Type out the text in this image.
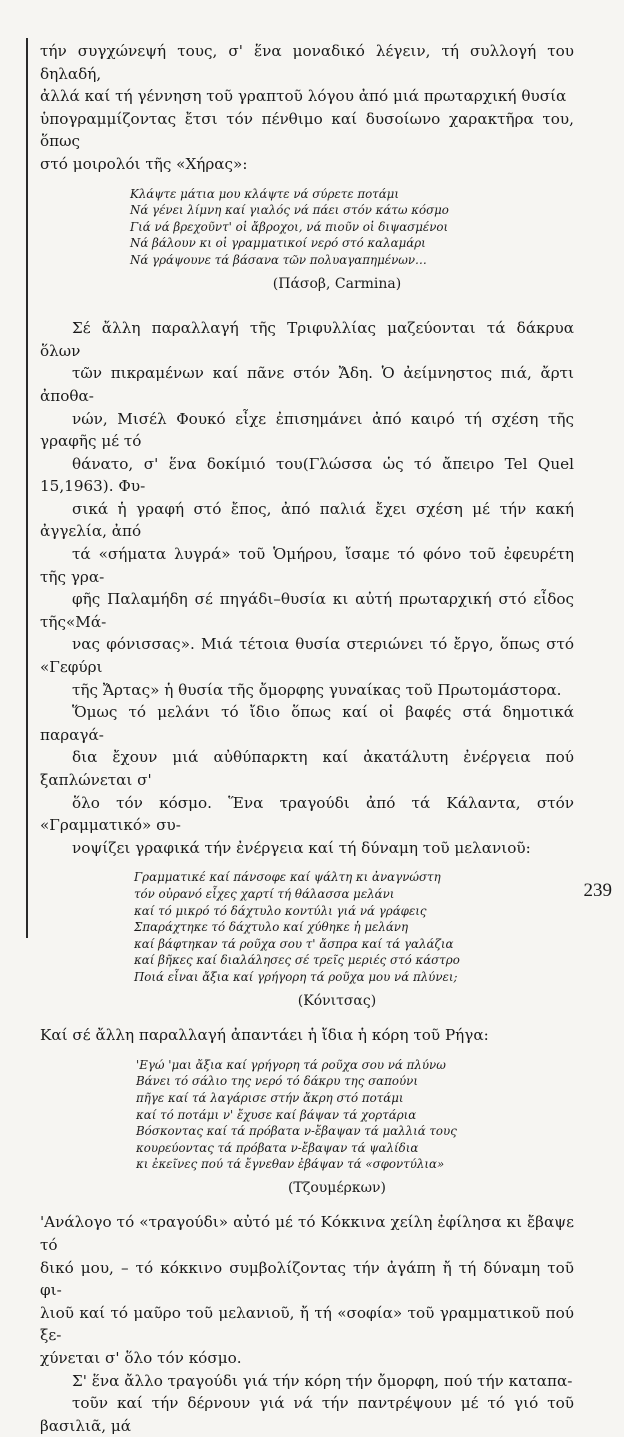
τήν συγχώνεψή τους, σ' ἕνα μοναδικό λέγειν, τή συλλογή του δηλαδή,
ἀλλά καί τή γέννηση τοῦ γραπτοῦ λόγου ἀπό μιά πρωταρχική θυσία
ὑπογραμμίζοντας ἔτσι τόν πένθιμο καί δυσοίωνο χαρακτῆρα του, ὅπως
στό μοιρολόι τῆς «Χήρας»:

Κλάψτε μάτια μου κλάψτε νά σύρετε ποτάμι
Νά γένει λίμνη καί γιαλός νά πάει στόν κάτω κόσμο
Γιά νά βρεχοῦντ' οἱ ἄβροχοι, νά πιοῦν οἱ διψασμένοι
Νά βάλουν κι οἱ γραμματικοί νερό στό καλαμάρι
Νά γράψουνε τά βάσανα τῶν πολυαγαπημένων…
(Πάσοβ, Carmina)

Σέ ἄλλη παραλλαγή τῆς Τριφυλλίας μαζεύονται τά δάκρυα ὅλων
τῶν πικραμένων καί πᾶνε στόν Ἄδη. Ὁ ἀείμνηστος πιά, ἄρτι ἀποθα-
νών, Μισέλ Φουκό εἶχε ἐπισημάνει ἀπό καιρό τή σχέση τῆς γραφῆς μέ τό
θάνατο, σ' ἕνα δοκίμιό του(Γλώσσα ὡς τό ἄπειρο Tel Quel 15,1963). Φυ-
σικά ἡ γραφή στό ἔπος, ἀπό παλιά ἔχει σχέση μέ τήν κακή ἀγγελία, ἀπό
τά «σήματα λυγρά» τοῦ Ὁμήρου, ἴσαμε τό φόνο τοῦ ἐφευρέτη τῆς γρα-
φῆς Παλαμήδη σέ πηγάδι–θυσία κι αὐτή πρωταρχική στό εἶδος τῆς«Μά-
νας φόνισσας». Μιά τέτοια θυσία στεριώνει τό ἔργο, ὅπως στό «Γεφύρι
τῆς Ἄρτας» ἡ θυσία τῆς ὄμορφης γυναίκας τοῦ Πρωτομάστορα.

Ὅμως τό μελάνι τό ἴδιο ὅπως καί οἱ βαφές στά δημοτικά παραγά-
δια ἔχουν μιά αὐθύπαρκτη καί ἀκατάλυτη ἐνέργεια πού ξαπλώνεται σ'
ὅλο τόν κόσμο. Ἕνα τραγούδι ἀπό τά Κάλαντα, στόν «Γραμματικό» συ-
νοψίζει γραφικά τήν ἐνέργεια καί τή δύναμη τοῦ μελανιοῦ:

Γραμματικέ καί πάνσοφε καί ψάλτη κι ἀναγνώστη
τόν οὐρανό εἶχες χαρτί τή θάλασσα μελάνι
καί τό μικρό τό δάχτυλο κοντύλι γιά νά γράφεις
Σπαράχτηκε τό δάχτυλο καί χύθηκε ἡ μελάνη
καί βάφτηκαν τά ροῦχα σου τ' ἄσπρα καί τά γαλάζια
καί βῆκες καί διαλάλησες σέ τρεῖς μεριές στό κάστρο
Ποιά εἶναι ἄξια καί γρήγορη τά ροῦχα μου νά πλύνει;
(Κόνιτσας)

Καί σέ ἄλλη παραλλαγή ἀπαντάει ἡ ἴδια ἡ κόρη τοῦ Ρήγα:

'Εγώ 'μαι ἄξια καί γρήγορη τά ροῦχα σου νά πλύνω
Βάνει τό σάλιο της νερό τό δάκρυ της σαπούνι
πῆγε καί τά λαγάρισε στήν ἄκρη στό ποτάμι
καί τό ποτάμι ν' ἔχυσε καί βάψαν τά χορτάρια
Βόσκοντας καί τά πρόβατα ν-ἔβαψαν τά μαλλιά τους
κουρεύοντας τά πρόβατα ν-ἔβαψαν τά ψαλίδια
κι ἐκεῖνες πού τά ἔγνεθαν ἐβάψαν τά «σφοντύλια»
(Τζουμέρκων)

'Ανάλογο τό «τραγούδι» αὐτό μέ τό Κόκκινα χείλη ἐφίλησα κι ἔβαψε τό
δικό μου, – τό κόκκινο συμβολίζοντας τήν ἀγάπη ἤ τή δύναμη τοῦ φι-
λιοῦ καί τό μαῦρο τοῦ μελανιοῦ, ἤ τή «σοφία» τοῦ γραμματικοῦ πού ξε-
χύνεται σ' ὅλο τόν κόσμο.

Σ' ἕνα ἄλλο τραγούδι γιά τήν κόρη τήν ὄμορφη, πού τήν καταπα-
τοῦν καί τήν δέρνουν γιά νά τήν παντρέψουν μέ τό γιό τοῦ βασιλιᾶ, μά

239
